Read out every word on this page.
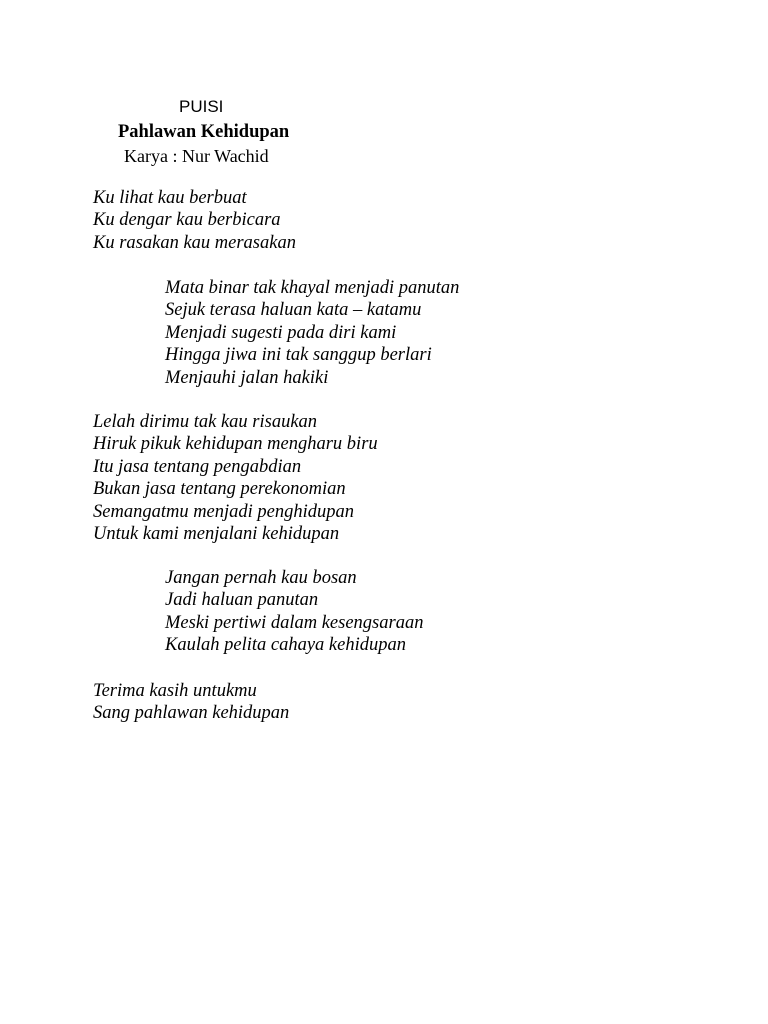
PUISI
Pahlawan Kehidupan
Karya : Nur Wachid
Ku lihat kau berbuat
Ku dengar kau berbicara
Ku rasakan kau merasakan
Mata binar tak khayal menjadi panutan
Sejuk terasa haluan kata – katamu
Menjadi sugesti pada diri kami
Hingga jiwa ini tak sanggup berlari
Menjauhi jalan hakiki
Lelah dirimu tak kau risaukan
Hiruk pikuk kehidupan mengharu biru
Itu jasa tentang pengabdian
Bukan jasa tentang perekonomian
Semangatmu menjadi penghidupan
Untuk kami menjalani kehidupan
Jangan pernah kau bosan
Jadi haluan panutan
Meski pertiwi dalam kesengsaraan
Kaulah pelita cahaya kehidupan
Terima kasih untukmu
Sang pahlawan kehidupan
